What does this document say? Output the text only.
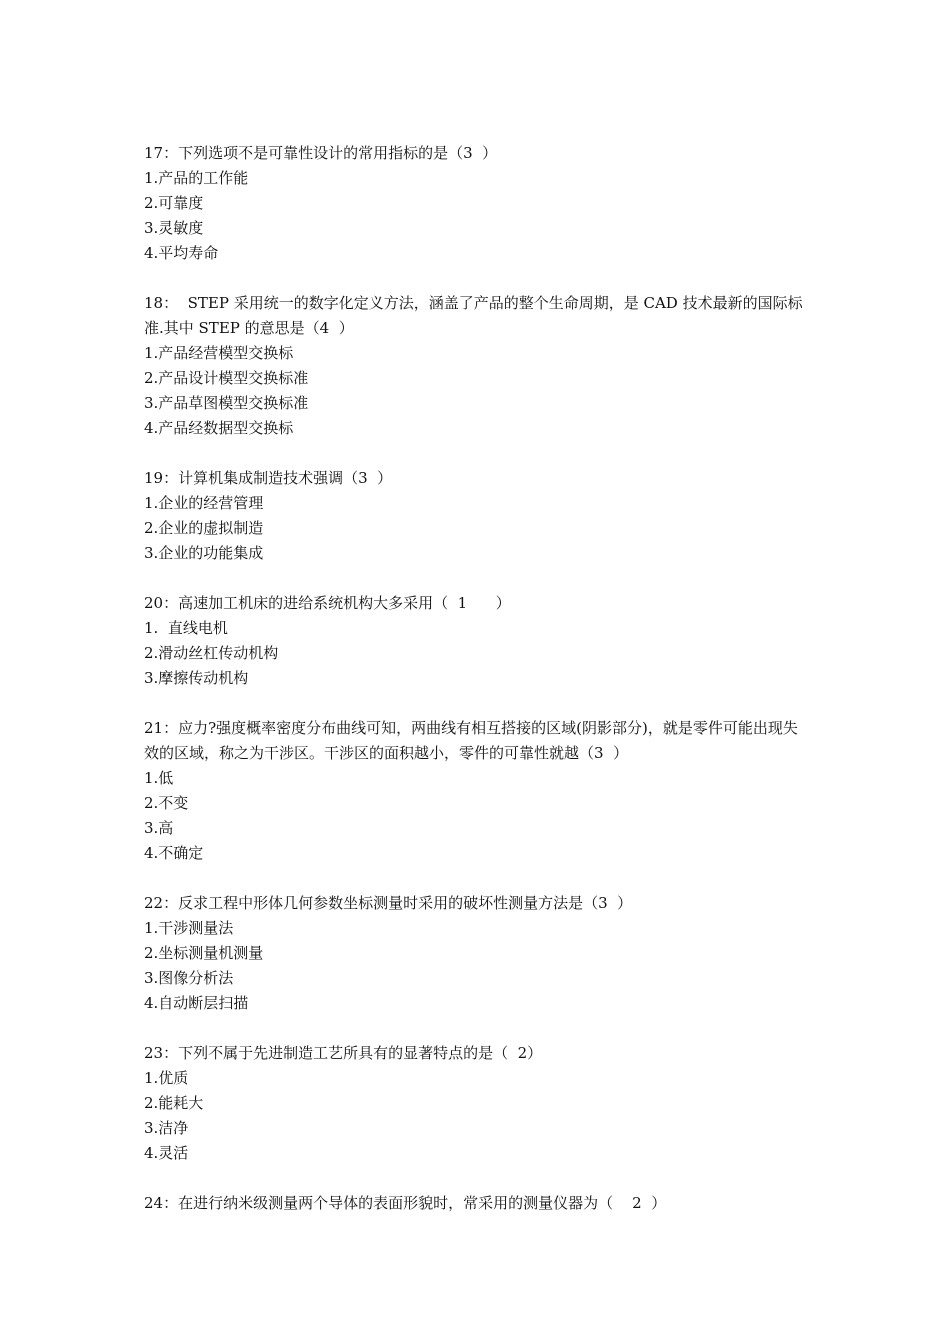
17：下列选项不是可靠性设计的常用指标的是（3  ）

1.产品的工作能

2.可靠度

3.灵敏度

4.平均寿命

18：  STEP 采用统一的数字化定义方法，涵盖了产品的整个生命周期，是 CAD 技术最新的国际标准.其中 STEP 的意思是（4  ）

1.产品经营模型交换标

2.产品设计模型交换标准

3.产品草图模型交换标准

4.产品经数据型交换标

19：计算机集成制造技术强调（3  ）

1.企业的经营管理

2.企业的虚拟制造

3.企业的功能集成

20：高速加工机床的进给系统机构大多采用（  1      ）

1.  直线电机

2.滑动丝杠传动机构

3.摩擦传动机构

21：应力?强度概率密度分布曲线可知，两曲线有相互搭接的区域(阴影部分)，就是零件可能出现失效的区域，称之为干涉区。干涉区的面积越小，零件的可靠性就越（3  ）

1.低

2.不变

3.高

4.不确定

22：反求工程中形体几何参数坐标测量时采用的破坏性测量方法是（3  ）

1.干涉测量法

2.坐标测量机测量

3.图像分析法

4.自动断层扫描

23：下列不属于先进制造工艺所具有的显著特点的是（  2）

1.优质

2.能耗大

3.洁净

4.灵活

24：在进行纳米级测量两个导体的表面形貌时，常采用的测量仪器为（    2  ）
